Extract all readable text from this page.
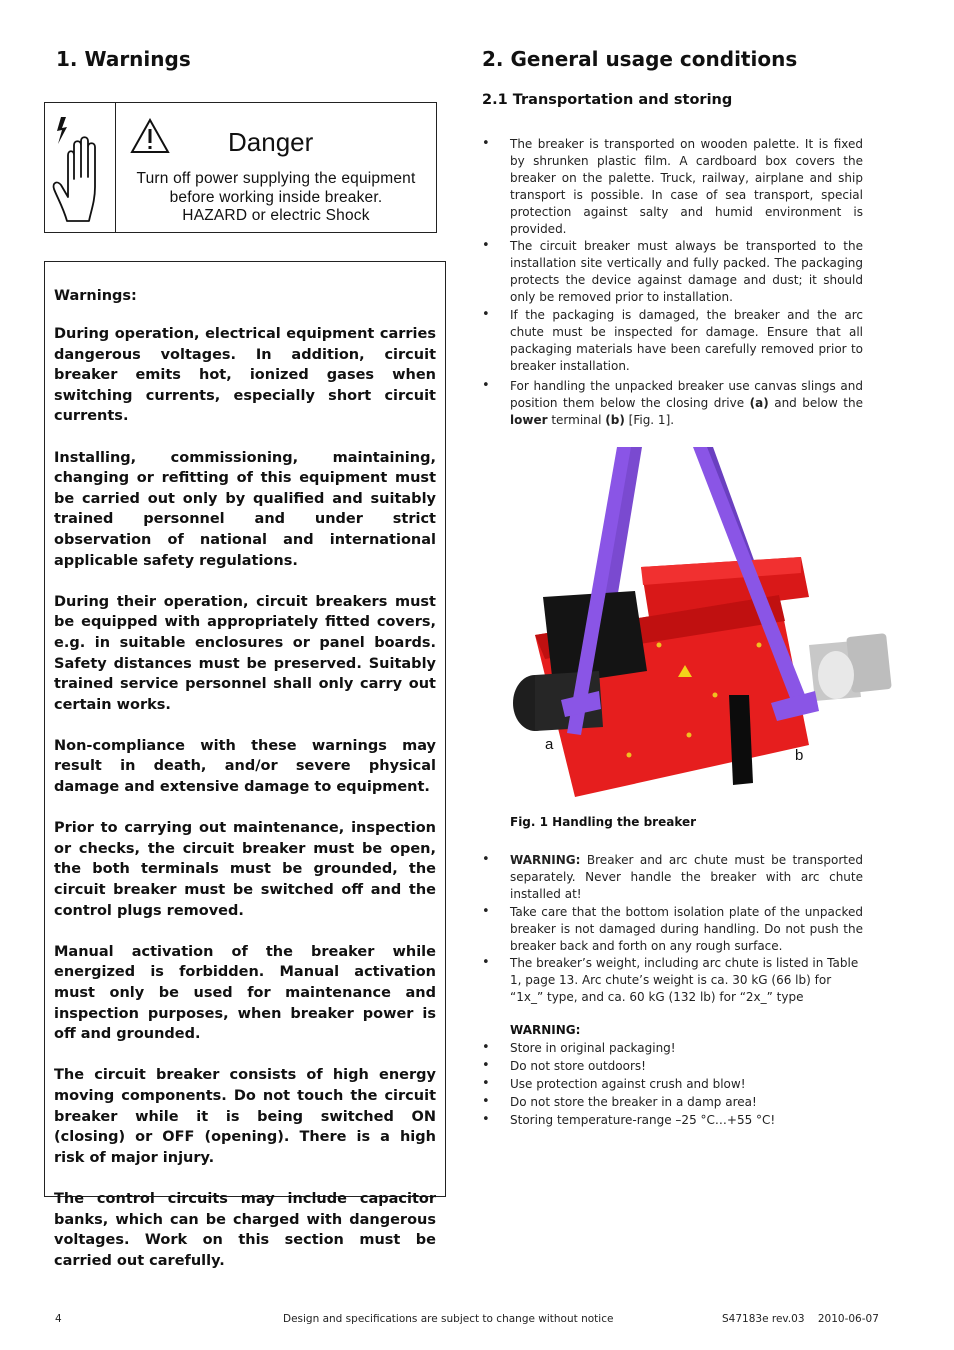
1. Warnings
Danger
Turn off power supplying the equipment
before working inside breaker.
HAZARD or electric Shock
Warnings:

During operation, electrical equipment carries dangerous voltages. In addition, circuit breaker emits hot, ionized gases when switching currents, especially short circuit currents.

Installing, commissioning, maintaining, changing or refitting of this equipment must be carried out only by qualified and suitably trained personnel and under strict observation of national and international applicable safety regulations.

During their operation, circuit breakers must be equipped with appropriately fitted covers, e.g. in suitable enclosures or panel boards. Safety distances must be preserved. Suitably trained service personnel shall only carry out certain works.

Non-compliance with these warnings may result in death, and/or severe physical damage and extensive damage to equipment.

Prior to carrying out maintenance, inspection or checks, the circuit breaker must be open, the both terminals must be grounded, the circuit breaker must be switched off and the control plugs removed.

Manual activation of the breaker while energized is forbidden. Manual activation must only be used for maintenance and inspection purposes, when breaker power is off and grounded.

The circuit breaker consists of high energy moving components. Do not touch the circuit breaker while it is being switched ON (closing) or OFF (opening). There is a high risk of major injury.

The control circuits may include capacitor banks, which can be charged with dangerous voltages. Work on this section must be carried out carefully.

2. General usage conditions
2.1 Transportation and storing
• The breaker is transported on wooden palette. It is fixed by shrunken plastic film. A cardboard box covers the breaker on the palette. Truck, railway, airplane and ship transport is possible. In case of sea transport, special protection against salty and humid environment is provided.
• The circuit breaker must always be transported to the installation site vertically and fully packed. The packaging protects the device against damage and dust; it should only be removed prior to installation.
• If the packaging is damaged, the breaker and the arc chute must be inspected for damage. Ensure that all packaging materials have been carefully removed prior to breaker installation.
• For handling the unpacked breaker use canvas slings and position them below the closing drive (a) and below the lower terminal (b) [Fig. 1].
a
b
Fig. 1 Handling the breaker
• WARNING: Breaker and arc chute must be transported separately. Never handle the breaker with arc chute installed at!
• Take care that the bottom isolation plate of the unpacked breaker is not damaged during handling. Do not push the breaker back and forth on any rough surface.
• The breaker’s weight, including arc chute is listed in Table 1, page 13. Arc chute’s weight is ca. 30 kG (66 lb) for “1x_” type, and ca. 60 kG (132 lb) for “2x_” type
WARNING:
• Store in original packaging!
• Do not store outdoors!
• Use protection against crush and blow!
• Do not store the breaker in a damp area!
• Storing temperature-range –25 °C…+55 °C!
4	Design and specifications are subject to change without notice	S47183e rev.03    2010-06-07
